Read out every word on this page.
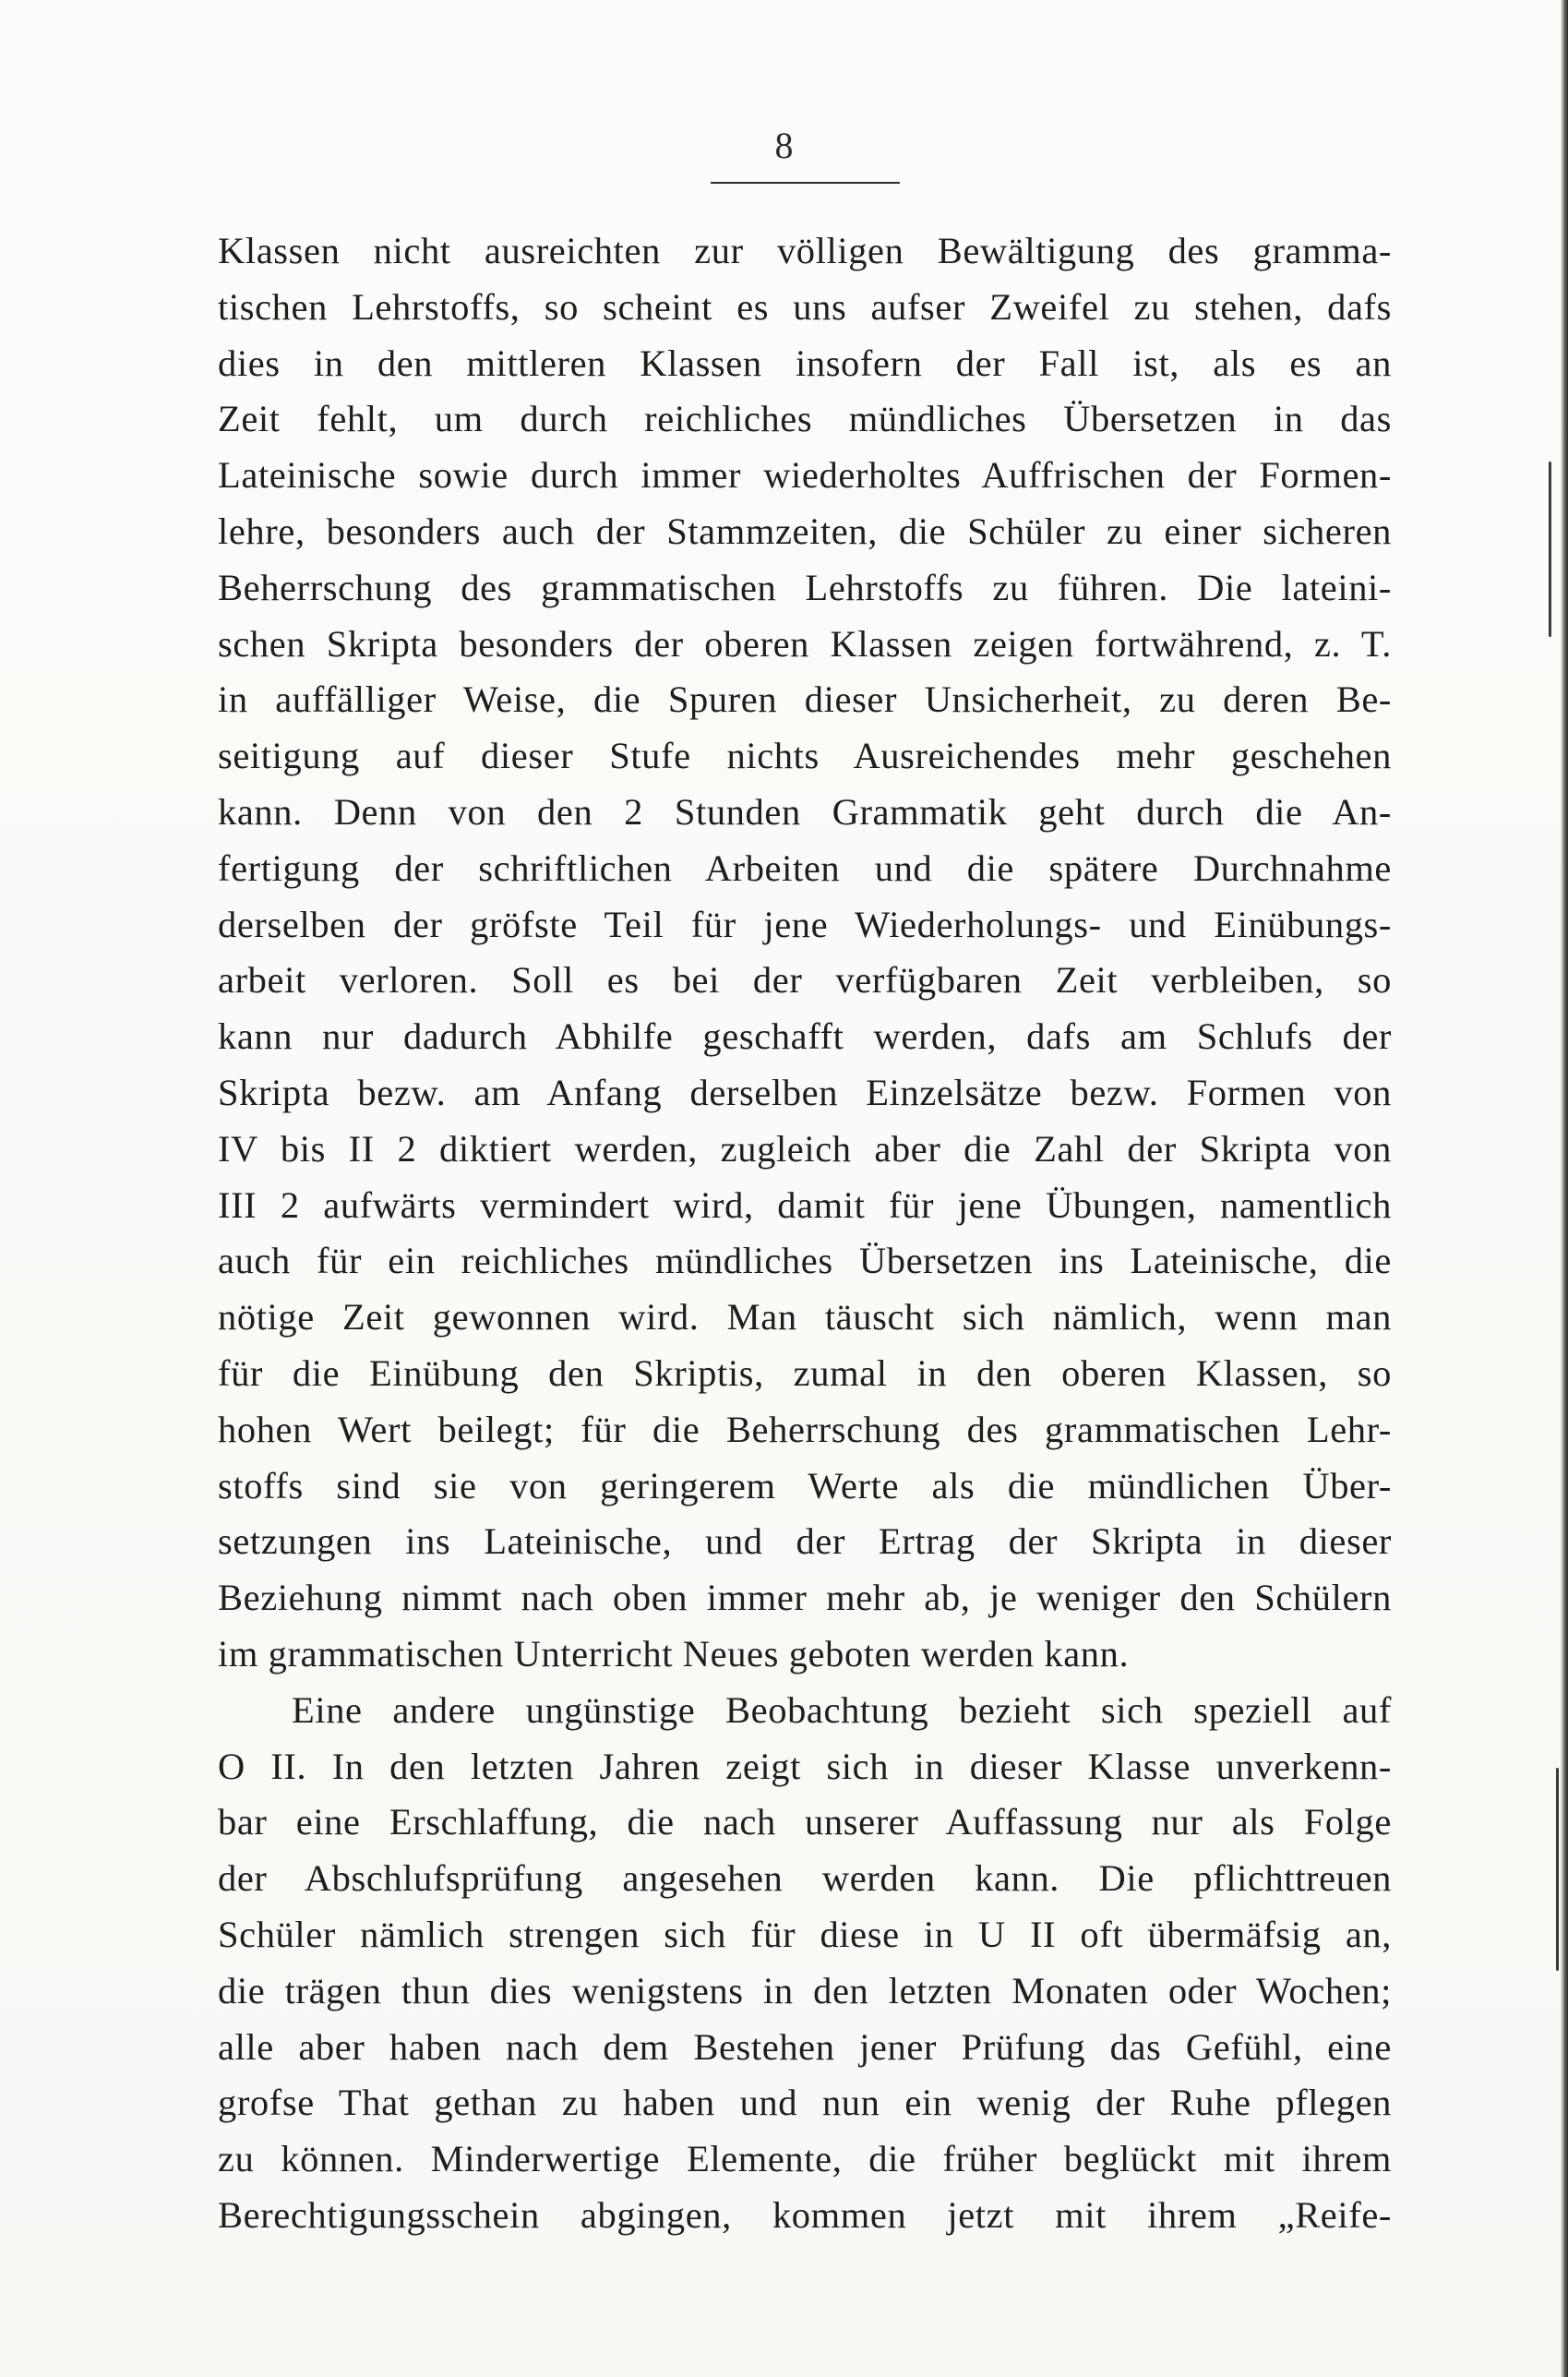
8
Klassen nicht ausreichten zur völligen Bewältigung des gramma-
tischen Lehrstoffs, so scheint es uns aufser Zweifel zu stehen, dafs
dies in den mittleren Klassen insofern der Fall ist, als es an
Zeit fehlt, um durch reichliches mündliches Übersetzen in das
Lateinische sowie durch immer wiederholtes Auffrischen der Formen-
lehre, besonders auch der Stammzeiten, die Schüler zu einer sicheren
Beherrschung des grammatischen Lehrstoffs zu führen. Die lateini-
schen Skripta besonders der oberen Klassen zeigen fortwährend, z. T.
in auffälliger Weise, die Spuren dieser Unsicherheit, zu deren Be-
seitigung auf dieser Stufe nichts Ausreichendes mehr geschehen
kann. Denn von den 2 Stunden Grammatik geht durch die An-
fertigung der schriftlichen Arbeiten und die spätere Durchnahme
derselben der gröfste Teil für jene Wiederholungs- und Einübungs-
arbeit verloren. Soll es bei der verfügbaren Zeit verbleiben, so
kann nur dadurch Abhilfe geschafft werden, dafs am Schlufs der
Skripta bezw. am Anfang derselben Einzelsätze bezw. Formen von
IV bis II 2 diktiert werden, zugleich aber die Zahl der Skripta von
III 2 aufwärts vermindert wird, damit für jene Übungen, namentlich
auch für ein reichliches mündliches Übersetzen ins Lateinische, die
nötige Zeit gewonnen wird. Man täuscht sich nämlich, wenn man
für die Einübung den Skriptis, zumal in den oberen Klassen, so
hohen Wert beilegt; für die Beherrschung des grammatischen Lehr-
stoffs sind sie von geringerem Werte als die mündlichen Über-
setzungen ins Lateinische, und der Ertrag der Skripta in dieser
Beziehung nimmt nach oben immer mehr ab, je weniger den Schülern
im grammatischen Unterricht Neues geboten werden kann.
Eine andere ungünstige Beobachtung bezieht sich speziell auf
O II. In den letzten Jahren zeigt sich in dieser Klasse unverkenn-
bar eine Erschlaffung, die nach unserer Auffassung nur als Folge
der Abschlufsprüfung angesehen werden kann. Die pflichttreuen
Schüler nämlich strengen sich für diese in U II oft übermäfsig an,
die trägen thun dies wenigstens in den letzten Monaten oder Wochen;
alle aber haben nach dem Bestehen jener Prüfung das Gefühl, eine
grofse That gethan zu haben und nun ein wenig der Ruhe pflegen
zu können. Minderwertige Elemente, die früher beglückt mit ihrem
Berechtigungsschein abgingen, kommen jetzt mit ihrem „Reife-
